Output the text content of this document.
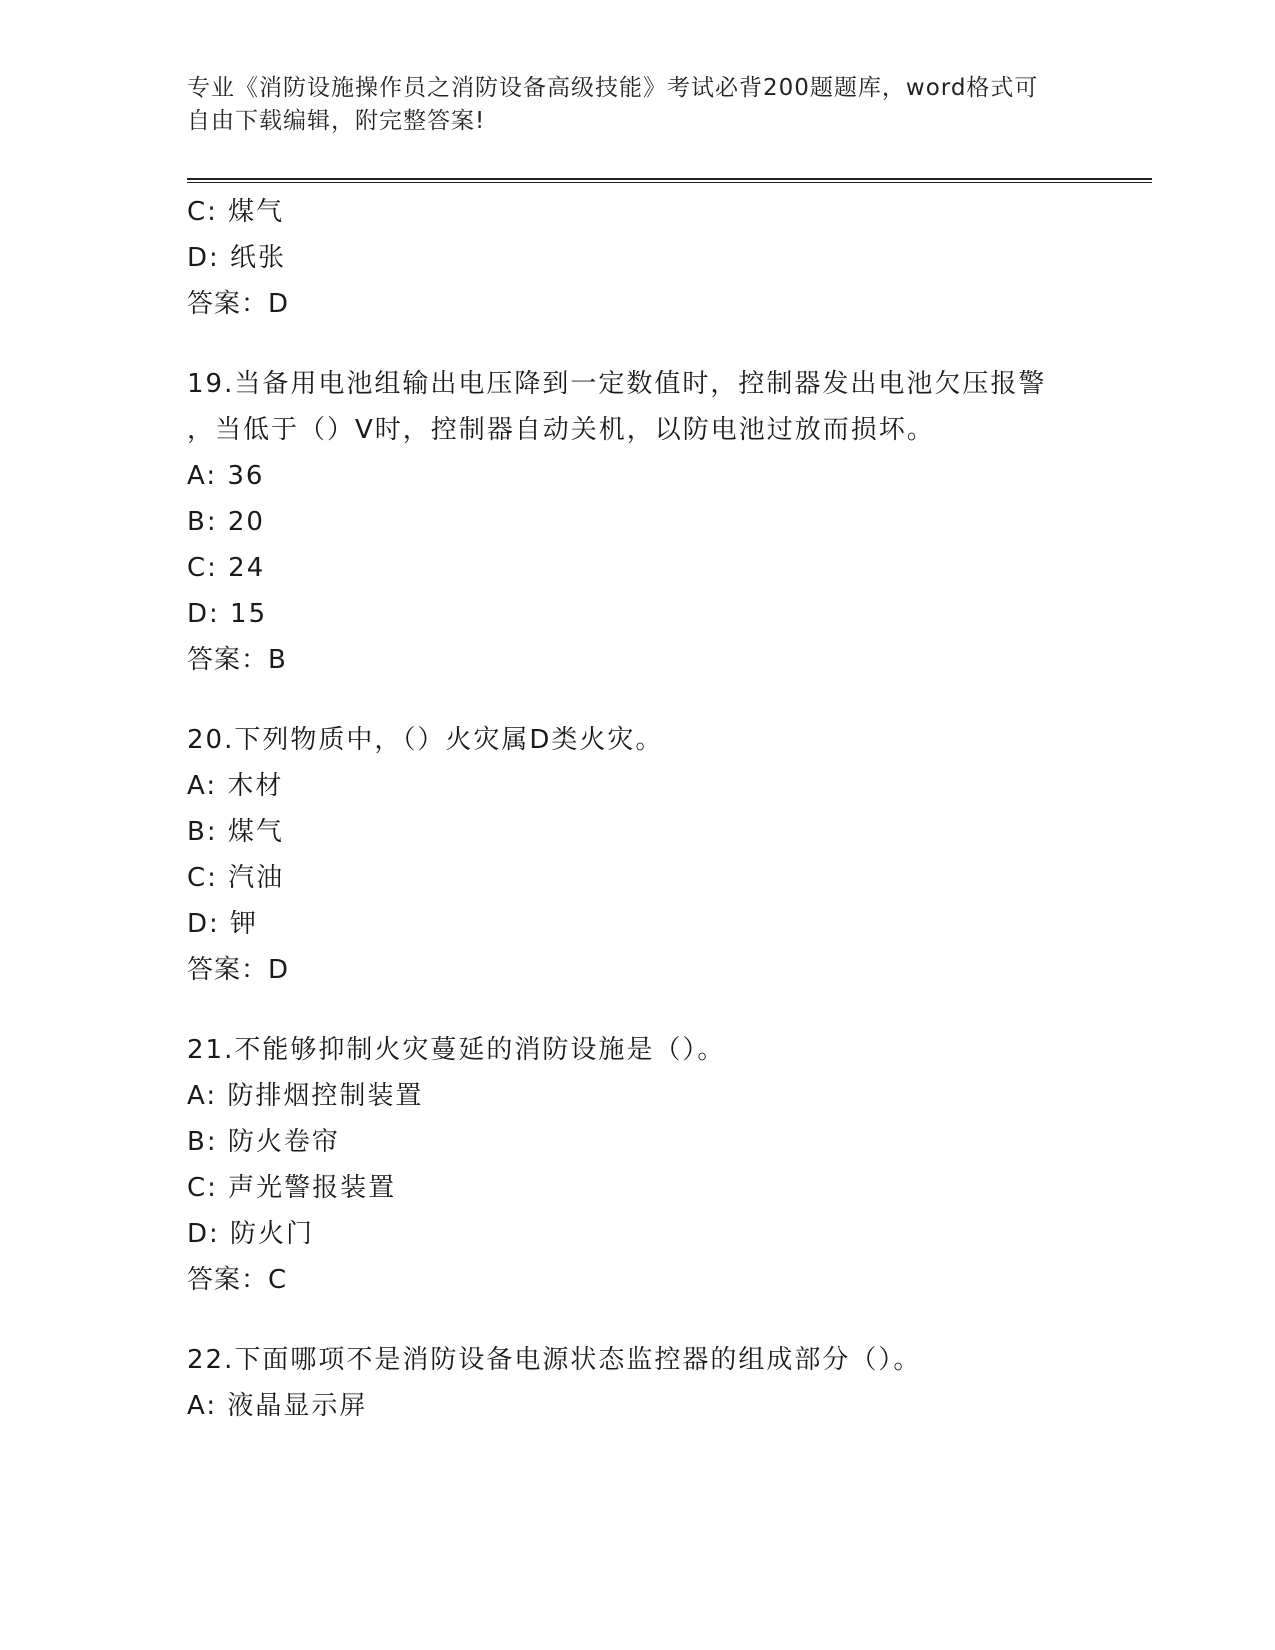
专业《消防设施操作员之消防设备高级技能》考试必背200题题库，word格式可
自由下载编辑，附完整答案!
C: 煤气
D: 纸张
答案：D
19.当备用电池组输出电压降到一定数值时，控制器发出电池欠压报警
，当低于（）V时，控制器自动关机，以防电池过放而损坏。
A: 36
B: 20
C: 24
D: 15
答案：B
20.下列物质中，（）火灾属D类火灾。
A: 木材
B: 煤气
C: 汽油
D: 钾
答案：D
21.不能够抑制火灾蔓延的消防设施是（）。
A: 防排烟控制装置
B: 防火卷帘
C: 声光警报装置
D: 防火门
答案：C
22.下面哪项不是消防设备电源状态监控器的组成部分（）。
A: 液晶显示屏
